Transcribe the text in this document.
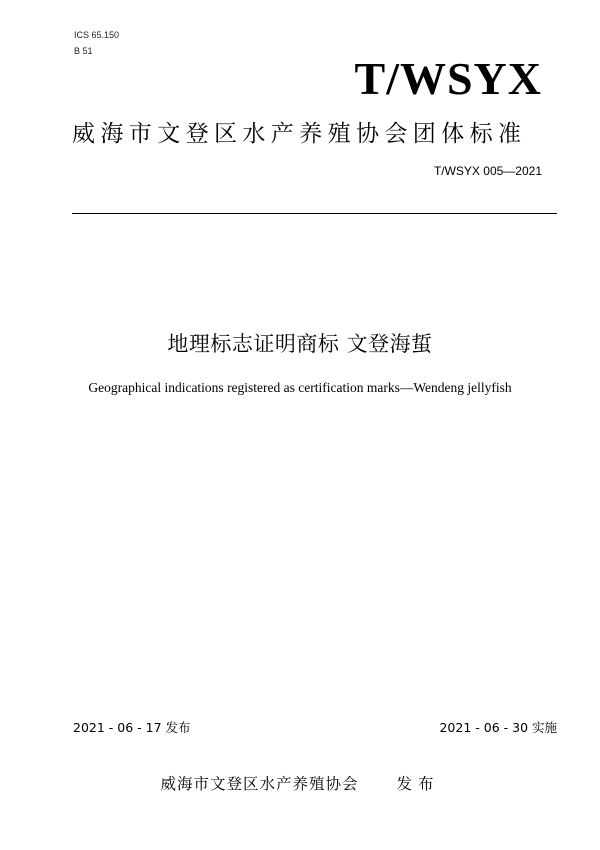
ICS 65.150
B 51
T/WSYX
威海市文登区水产养殖协会团体标准
T/WSYX 005—2021
地理标志证明商标 文登海蜇
Geographical indications registered as certification marks—Wendeng jellyfish
2021 - 06 - 17 发布	2021 - 06 - 30 实施
威海市文登区水产养殖协会 发布
